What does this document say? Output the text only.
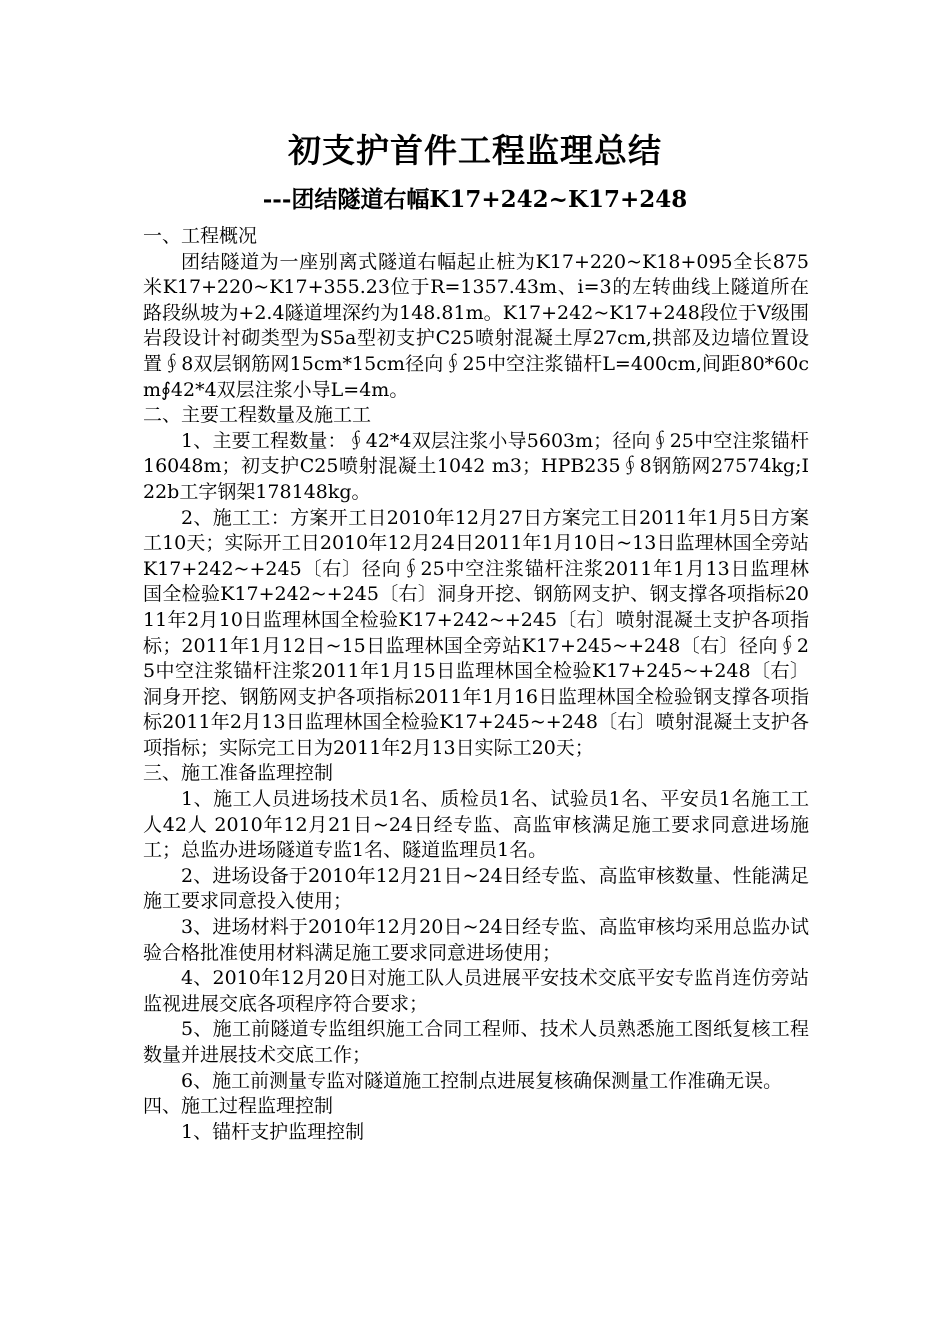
初支护首件工程监理总结
---团结隧道右幅K17+242~K17+248

一、工程概况

团结隧道为一座别离式隧道右幅起止桩为K17+220~K18+095全长875米K17+220~K17+355.23位于R=1357.43m、i=3的左转曲线上隧道所在路段纵坡为+2.4隧道埋深约为148.81m。K17+242~K17+248段位于Ⅴ级围岩段设计衬砌类型为S5a型初支护C25喷射混凝土厚27cm,拱部及边墙位置设置∮8双层钢筋网15cm*15cm径向∮25中空注浆锚杆L=400cm,间距80*60cm∮42*4双层注浆小导L=4m。

二、主要工程数量及施工工

1、主要工程数量：∮42*4双层注浆小导5603m；径向∮25中空注浆锚杆16048m；初支护C25喷射混凝土1042 m3；HPB235∮8钢筋网27574kg;I22b工字钢架178148kg。

2、施工工：方案开工日2010年12月27日方案完工日2011年1月5日方案工10天；实际开工日2010年12月24日2011年1月10日~13日监理林国全旁站K17+242~+245〔右〕径向∮25中空注浆锚杆注浆2011年1月13日监理林国全检验K17+242~+245〔右〕洞身开挖、钢筋网支护、钢支撑各项指标2011年2月10日监理林国全检验K17+242~+245〔右〕喷射混凝土支护各项指标；2011年1月12日~15日监理林国全旁站K17+245~+248〔右〕径向∮25中空注浆锚杆注浆2011年1月15日监理林国全检验K17+245~+248〔右〕洞身开挖、钢筋网支护各项指标2011年1月16日监理林国全检验钢支撑各项指标2011年2月13日监理林国全检验K17+245~+248〔右〕喷射混凝土支护各项指标；实际完工日为2011年2月13日实际工20天；

三、施工准备监理控制

1、施工人员进场技术员1名、质检员1名、试验员1名、平安员1名施工工人42人 2010年12月21日~24日经专监、高监审核满足施工要求同意进场施工；总监办进场隧道专监1名、隧道监理员1名。

2、进场设备于2010年12月21日~24日经专监、高监审核数量、性能满足施工要求同意投入使用；

3、进场材料于2010年12月20日~24日经专监、高监审核均采用总监办试验合格批准使用材料满足施工要求同意进场使用；

4、2010年12月20日对施工队人员进展平安技术交底平安专监肖连仿旁站监视进展交底各项程序符合要求；

5、施工前隧道专监组织施工合同工程师、技术人员熟悉施工图纸复核工程数量并进展技术交底工作；

6、施工前测量专监对隧道施工控制点进展复核确保测量工作准确无误。

四、施工过程监理控制

1、锚杆支护监理控制
